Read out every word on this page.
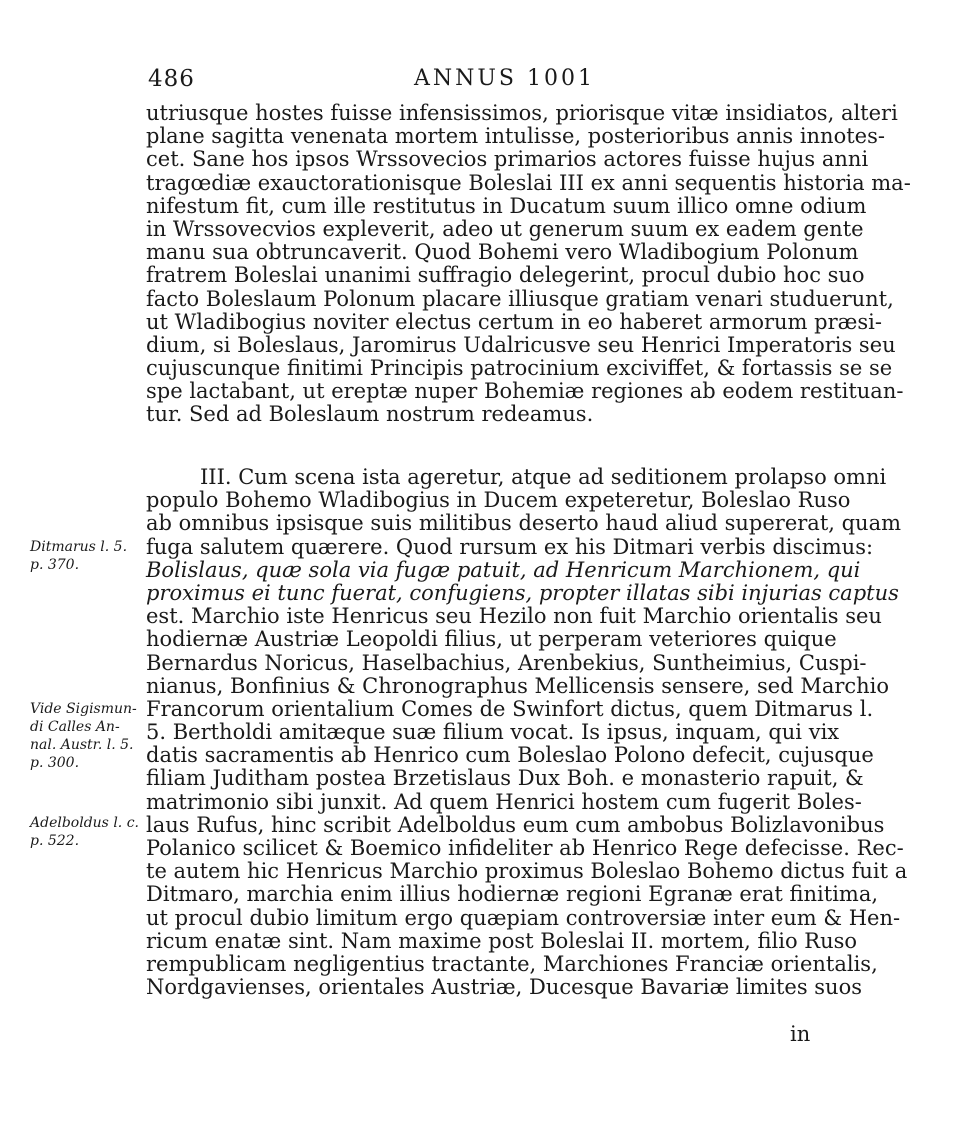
486	ANNUS 1001
utriusque hostes fuisse infensissimos, priorisque vitæ insidiatos, alteri
plane sagitta venenata mortem intulisse, posterioribus annis innotes-
cet. Sane hos ipsos Wrssovecios primarios actores fuisse hujus anni
tragœdiæ exauctorationisque Boleslai III ex anni sequentis historia ma-
nifestum fit, cum ille restitutus in Ducatum suum illico omne odium
in Wrssovecvios expleverit, adeo ut generum suum ex eadem gente
manu sua obtruncaverit. Quod Bohemi vero Wladibogium Polonum
fratrem Boleslai unanimi suffragio delegerint, procul dubio hoc suo
facto Boleslaum Polonum placare illiusque gratiam venari studuerunt,
ut Wladibogius noviter electus certum in eo haberet armorum præsi-
dium, si Boleslaus, Jaromirus Udalricusve seu Henrici Imperatoris seu
cujuscunque finitimi Principis patrocinium exciviffet, & fortassis se se
spe lactabant, ut ereptæ nuper Bohemiæ regiones ab eodem restituan-
tur. Sed ad Boleslaum nostrum redeamus.
III. Cum scena ista ageretur, atque ad seditionem prolapso omni
populo Bohemo Wladibogius in Ducem expeteretur, Boleslao Ruso
ab omnibus ipsisque suis militibus deserto haud aliud supererat, quam
fuga salutem quærere. Quod rursum ex his Ditmari verbis discimus:
Bolislaus, quæ sola via fugæ patuit, ad Henricum Marchionem, qui
proximus ei tunc fuerat, confugiens, propter illatas sibi injurias captus
est. Marchio iste Henricus seu Hezilo non fuit Marchio orientalis seu
hodiernæ Austriæ Leopoldi filius, ut perperam veteriores quique
Bernardus Noricus, Haselbachius, Arenbekius, Suntheimius, Cuspi-
nianus, Bonfinius & Chronographus Mellicensis sensere, sed Marchio
Francorum orientalium Comes de Swinfort dictus, quem Ditmarus l.
5. Bertholdi amitæque suæ filium vocat. Is ipsus, inquam, qui vix
datis sacramentis ab Henrico cum Boleslao Polono defecit, cujusque
filiam Juditham postea Brzetislaus Dux Boh. e monasterio rapuit, &
matrimonio sibi junxit. Ad quem Henrici hostem cum fugerit Boles-
laus Rufus, hinc scribit Adelboldus eum cum ambobus Bolizlavonibus
Polanico scilicet & Boemico infideliter ab Henrico Rege defecisse. Rec-
te autem hic Henricus Marchio proximus Boleslao Bohemo dictus fuit a
Ditmaro, marchia enim illius hodiernæ regioni Egranæ erat finitima,
ut procul dubio limitum ergo quæpiam controversiæ inter eum & Hen-
ricum enatæ sint. Nam maxime post Boleslai II. mortem, filio Ruso
rempublicam negligentius tractante, Marchiones Franciæ orientalis,
Nordgavienses, orientales Austriæ, Ducesque Bavariæ limites suos
Ditmarus l. 5.
p. 370.
Vide Sigismun-
di Calles An-
nal. Austr. l. 5.
p. 300.
Adelboldus l. c.
p. 522.
in
